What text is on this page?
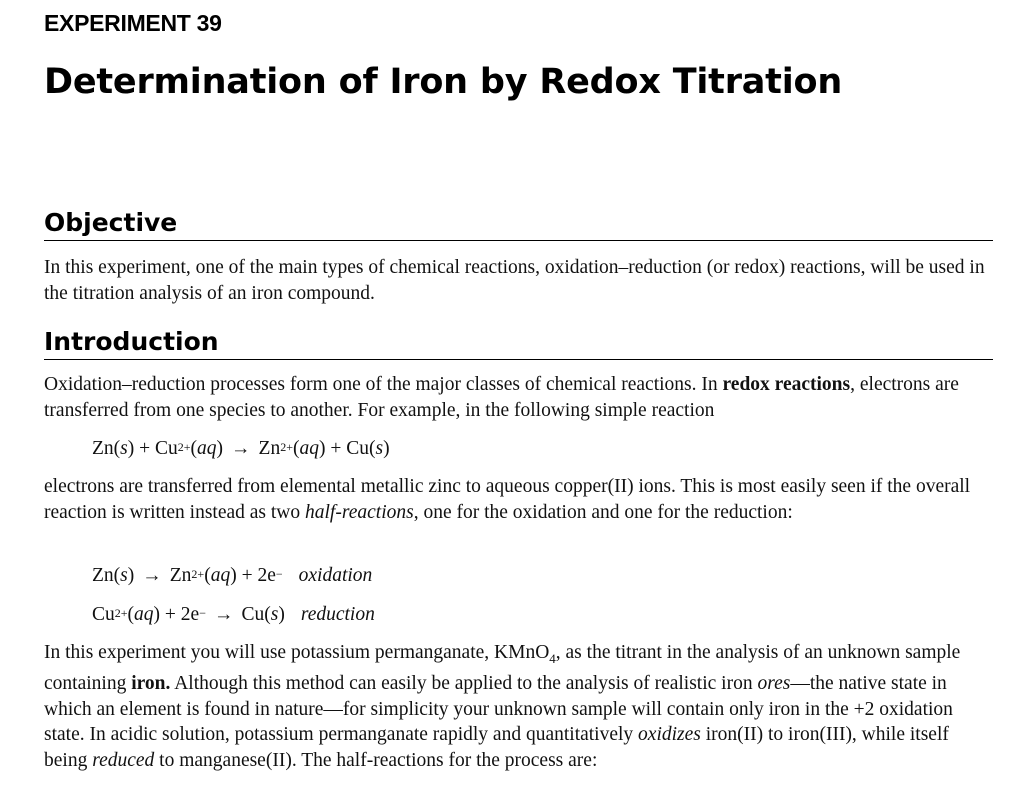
EXPERIMENT 39
Determination of Iron by Redox Titration
Objective

In this experiment, one of the main types of chemical reactions, oxidation–reduction (or redox) reactions, will be used in the titration analysis of an iron compound.

Introduction

Oxidation–reduction processes form one of the major classes of chemical reactions. In redox reactions, electrons are transferred from one species to another. For example, in the following simple reaction

$Zn(s) + Cu^{2+}(aq) \to Zn^{2+}(aq) + Cu(s)$

electrons are transferred from elemental metallic zinc to aqueous copper(II) ions. This is most easily seen if the overall reaction is written instead as two half-reactions, one for the oxidation and one for the reduction:

$Zn(s) \to Zn^{2+}(aq) + 2e^-$ oxidation
$Cu^{2+}(aq) + 2e^- \to Cu(s)$ reduction

In this experiment you will use potassium permanganate, KMnO$_4$, as the titrant in the analysis of an unknown sample containing iron. Although this method can easily be applied to the analysis of realistic iron ores—the native state in which an element is found in nature—for simplicity your unknown sample will contain only iron in the +2 oxidation state. In acidic solution, potassium permanganate rapidly and quantitatively oxidizes iron(II) to iron(III), while itself being reduced to manganese(II). The half-reactions for the process are:
